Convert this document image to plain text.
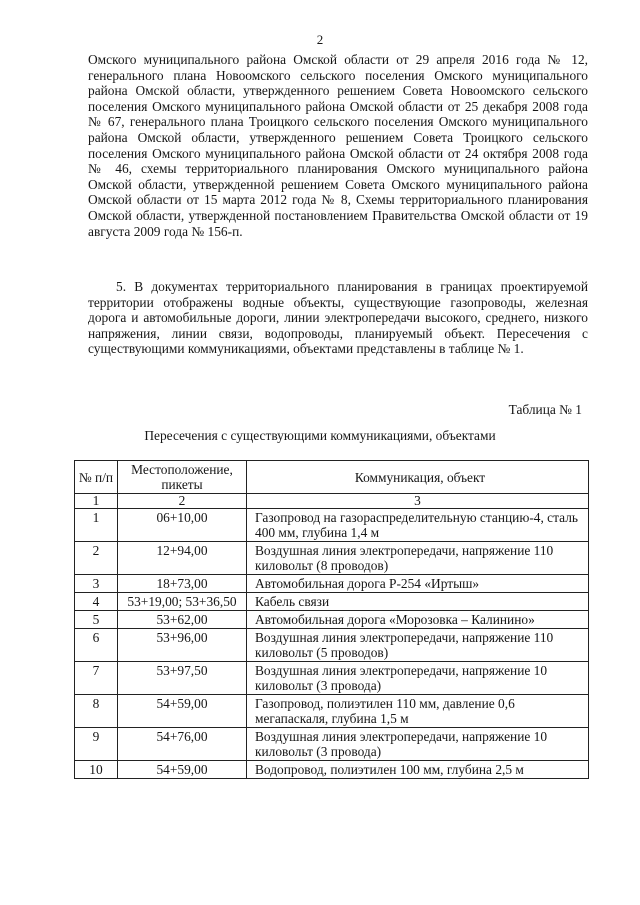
2
Омского муниципального района Омской области от 29 апреля 2016 года № 12, генерального плана Новоомского сельского поселения Омского муниципального района Омской области, утвержденного решением Совета Новоомского сельского поселения Омского муниципального района Омской области от 25 декабря 2008 года № 67, генерального плана Троицкого сельского поселения Омского муниципального района Омской области, утвержденного решением Совета Троицкого сельского поселения Омского муниципального района Омской области от 24 октября 2008 года № 46, схемы территориального планирования Омского муниципального района Омской области, утвержденной решением Совета Омского муниципального района Омской области от 15 марта 2012 года № 8, Схемы территориального планирования Омской области, утвержденной постановлением Правительства Омской области от 19 августа 2009 года № 156-п.
5. В документах территориального планирования в границах проектируемой территории отображены водные объекты, существующие газопроводы, железная дорога и автомобильные дороги, линии электропередачи высокого, среднего, низкого напряжения, линии связи, водопроводы, планируемый объект. Пересечения с существующими коммуникациями, объектами представлены в таблице № 1.
Таблица № 1
Пересечения с существующими коммуникациями, объектами
№ п/п	Местоположение, пикеты	Коммуникация, объект
1	2	3
1	06+10,00	Газопровод на газораспределительную станцию-4, сталь 400 мм, глубина 1,4 м
2	12+94,00	Воздушная линия электропередачи, напряжение 110 киловольт (8 проводов)
3	18+73,00	Автомобильная дорога Р-254 «Иртыш»
4	53+19,00; 53+36,50	Кабель связи
5	53+62,00	Автомобильная дорога «Морозовка – Калинино»
6	53+96,00	Воздушная линия электропередачи, напряжение 110 киловольт (5 проводов)
7	53+97,50	Воздушная линия электропередачи, напряжение 10 киловольт (3 провода)
8	54+59,00	Газопровод, полиэтилен 110 мм, давление 0,6 мегапаскаля, глубина 1,5 м
9	54+76,00	Воздушная линия электропередачи, напряжение 10 киловольт (3 провода)
10	54+59,00	Водопровод, полиэтилен 100 мм, глубина 2,5 м
